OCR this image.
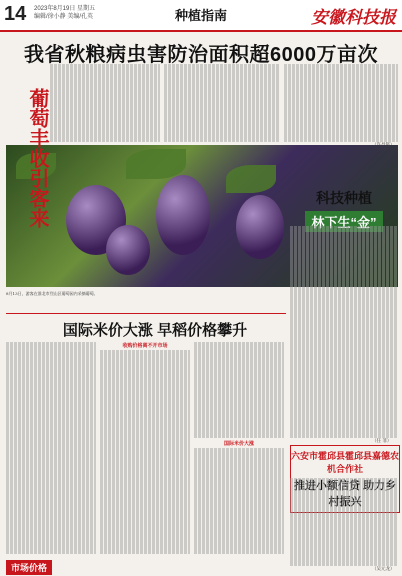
14 2023年8月19日 星期五
编辑/徐小静 美编/孔英	种植指南	安徽科技报
我省秋粮病虫害防治面积超6000万亩次
葡萄丰收引客来	科技种植
林下生“金”
8月13日，游客在淮北市烈山区葡萄园内采摘葡萄。
国际米价大涨 早稻价格攀升
收购价格离不开市场
国际米价大涨	（任 菲）
六安市霍邱县霍邱县嘉德农机合作社
推进小额信贷 助力乡村振兴
（吴元龙）
市场价格
